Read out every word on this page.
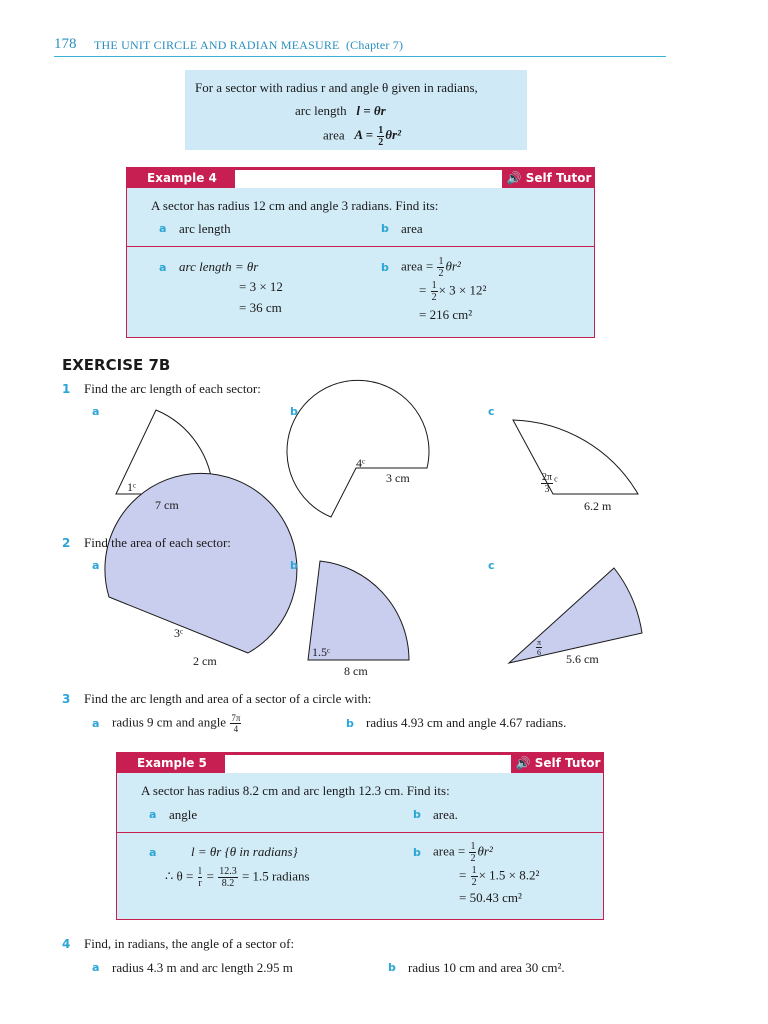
178 THE UNIT CIRCLE AND RADIAN MEASURE (Chapter 7)
For a sector with radius r and angle θ given in radians,
arc length l = θr
area $A = \frac{1}{2} \theta r^2$
Example 4	🔊 Self Tutor
A sector has radius 12 cm and angle 3 radians. Find its:
a arc length	b area
a arc length = θr
= 3 × 12
= 36 cm
b area = $\frac{1}{2} \theta r^2$
= $\frac{1}{2} \times 3 \times 12^2$
= 216 cm²
EXERCISE 7B
1 Find the arc length of each sector:
a	b	c
1ᶜ
7 cm
4ᶜ
3 cm	$\frac{2\pi}{3} ^c$
6.2 m
2 Find the area of each sector:
a	b	c
3ᶜ
2 cm
1.5ᶜ
8 cm
$\frac{\pi}{6}$
5.6 cm
3 Find the arc length and area of a sector of a circle with:
a radius 9 cm and angle $\frac{7\pi}{4}$	b radius 4.93 cm and angle 4.67 radians.
Example 5	🔊 Self Tutor
A sector has radius 8.2 cm and arc length 12.3 cm. Find its:
a angle	b area.
a	l = θr {θ in radians}
∴ $\theta = \frac{l}{r} = \frac{12.3}{8.2} = 1.5$ radians
b area = $\frac{1}{2} \theta r^2$
= $\frac{1}{2} \times 1.5 \times 8.2^2$
= 50.43 cm²
4 Find, in radians, the angle of a sector of:
a radius 4.3 m and arc length 2.95 m	b radius 10 cm and area 30 cm².
